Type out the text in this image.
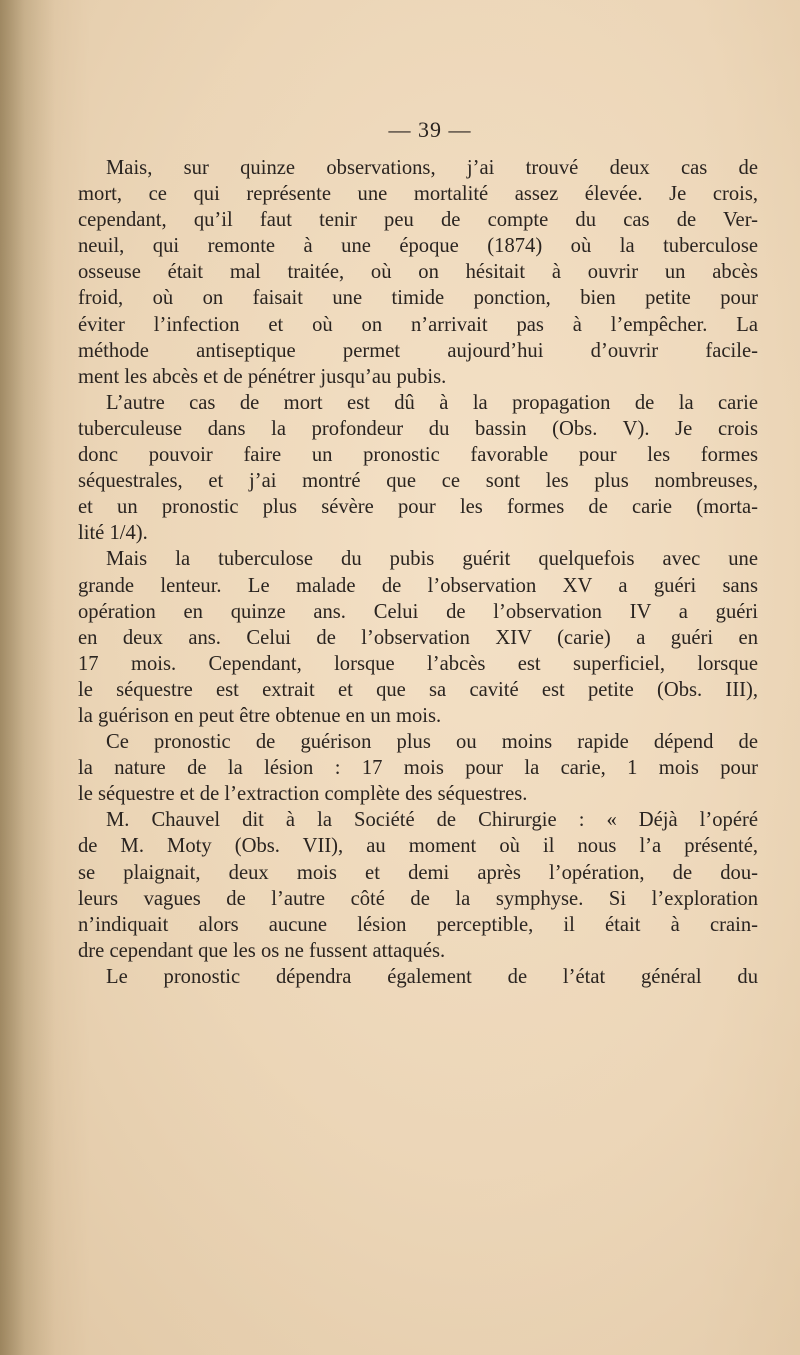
— 39 —
Mais, sur quinze observations, j’ai trouvé deux cas de
mort, ce qui représente une mortalité assez élevée. Je crois,
cependant, qu’il faut tenir peu de compte du cas de Ver-
neuil, qui remonte à une époque (1874) où la tuberculose
osseuse était mal traitée, où on hésitait à ouvrir un abcès
froid, où on faisait une timide ponction, bien petite pour
éviter l’infection et où on n’arrivait pas à l’empêcher. La
méthode antiseptique permet aujourd’hui d’ouvrir facile-
ment les abcès et de pénétrer jusqu’au pubis.
L’autre cas de mort est dû à la propagation de la carie
tuberculeuse dans la profondeur du bassin (Obs. V). Je crois
donc pouvoir faire un pronostic favorable pour les formes
séquestrales, et j’ai montré que ce sont les plus nombreuses,
et un pronostic plus sévère pour les formes de carie (morta-
lité 1/4).
Mais la tuberculose du pubis guérit quelquefois avec une
grande lenteur. Le malade de l’observation XV a guéri sans
opération en quinze ans. Celui de l’observation IV a guéri
en deux ans. Celui de l’observation XIV (carie) a guéri en
17 mois. Cependant, lorsque l’abcès est superficiel, lorsque
le séquestre est extrait et que sa cavité est petite (Obs. III),
la guérison en peut être obtenue en un mois.
Ce pronostic de guérison plus ou moins rapide dépend de
la nature de la lésion : 17 mois pour la carie, 1 mois pour
le séquestre et de l’extraction complète des séquestres.
M. Chauvel dit à la Société de Chirurgie : « Déjà l’opéré
de M. Moty (Obs. VII), au moment où il nous l’a présenté,
se plaignait, deux mois et demi après l’opération, de dou-
leurs vagues de l’autre côté de la symphyse. Si l’exploration
n’indiquait alors aucune lésion perceptible, il était à crain-
dre cependant que les os ne fussent attaqués.
Le pronostic dépendra également de l’état général du
